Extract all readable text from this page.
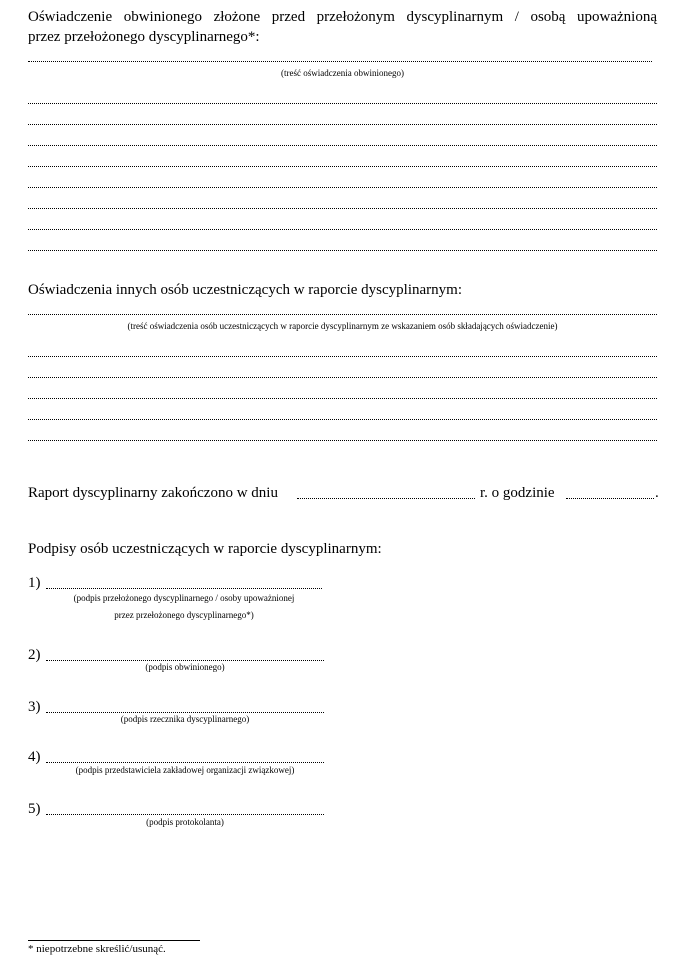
Oświadczenie obwinionego złożone przed przełożonym dyscyplinarnym / osobą upoważnioną
przez przełożonego dyscyplinarnego*:
(treść oświadczenia obwinionego)
Oświadczenia innych osób uczestniczących w raporcie dyscyplinarnym:
(treść oświadczenia osób uczestniczących w raporcie dyscyplinarnym ze wskazaniem osób składających oświadczenie)
Raport dyscyplinarny zakończono w dniu	r. o godzinie	.
Podpisy osób uczestniczących w raporcie dyscyplinarnym:
1)
(podpis przełożonego dyscyplinarnego / osoby upoważnionej
przez przełożonego dyscyplinarnego*)
2)
(podpis obwinionego)
3)
(podpis rzecznika dyscyplinarnego)
4)
(podpis przedstawiciela zakładowej organizacji związkowej)
5)
(podpis protokolanta)
* niepotrzebne skreślić/usunąć.
